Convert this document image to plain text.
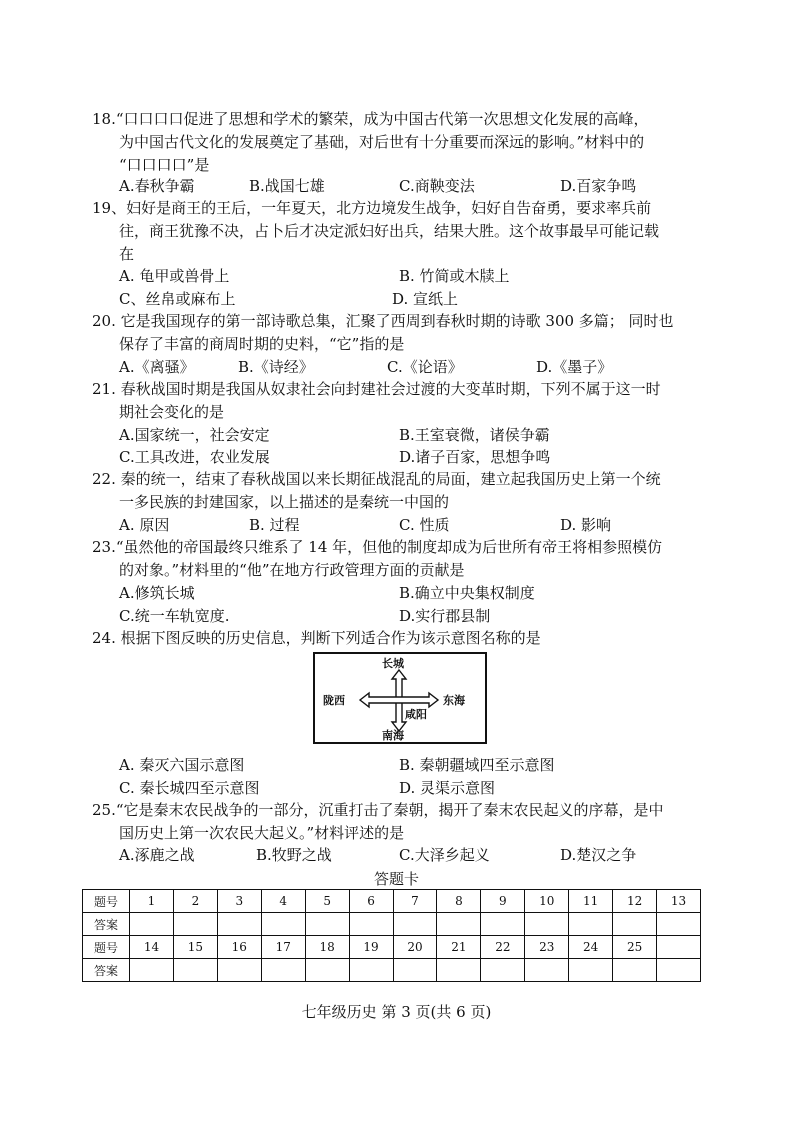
18.“口口口口促进了思想和学术的繁荣，成为中国古代第一次思想文化发展的高峰，
为中国古代文化的发展奠定了基础，对后世有十分重要而深远的影响。”材料中的
“口口口口”是
A.春秋争霸	B.战国七雄	C.商鞅变法	D.百家争鸣
19、妇好是商王的王后，一年夏天，北方边境发生战争，妇好自告奋勇，要求率兵前
往，商王犹豫不决，占卜后才决定派妇好出兵，结果大胜。这个故事最早可能记载
在
A. 龟甲或兽骨上	B. 竹简或木牍上
C、丝帛或麻布上	D. 宣纸上
20. 它是我国现存的第一部诗歌总集，汇聚了西周到春秋时期的诗歌 300 多篇； 同时也
保存了丰富的商周时期的史料，“它”指的是
A.《离骚》	B.《诗经》	C.《论语》	D.《墨子》
21. 春秋战国时期是我国从奴隶社会向封建社会过渡的大变革时期，下列不属于这一时
期社会变化的是
A.国家统一，社会安定	B.王室衰微，诸侯争霸
C.工具改进，农业发展	D.诸子百家，思想争鸣
22. 秦的统一，结束了春秋战国以来长期征战混乱的局面，建立起我国历史上第一个统
一多民族的封建国家，以上描述的是秦统一中国的
A. 原因	B. 过程	C. 性质	D. 影响
23.“虽然他的帝国最终只维系了 14 年，但他的制度却成为后世所有帝王将相参照模仿
的对象。”材料里的“他”在地方行政管理方面的贡献是
A.修筑长城	B.确立中央集权制度
C.统一车轨宽度.	D.实行郡县制
24. 根据下图反映的历史信息，判断下列适合作为该示意图名称的是
长城
陇西	东海
咸阳
南海
A. 秦灭六国示意图	B. 秦朝疆域四至示意图
C. 秦长城四至示意图	D. 灵渠示意图
25.“它是秦末农民战争的一部分，沉重打击了秦朝，揭开了秦末农民起义的序幕，是中
国历史上第一次农民大起义。”材料评述的是
A.涿鹿之战	B.牧野之战	C.大泽乡起义	D.楚汉之争
答题卡
题号	1	2	3	4	5	6	7	8	9	10	11	12	13
答案													
题号	14	15	16	17	18	19	20	21	22	23	24	25	
答案													
七年级历史 第 3 页(共 6 页)
